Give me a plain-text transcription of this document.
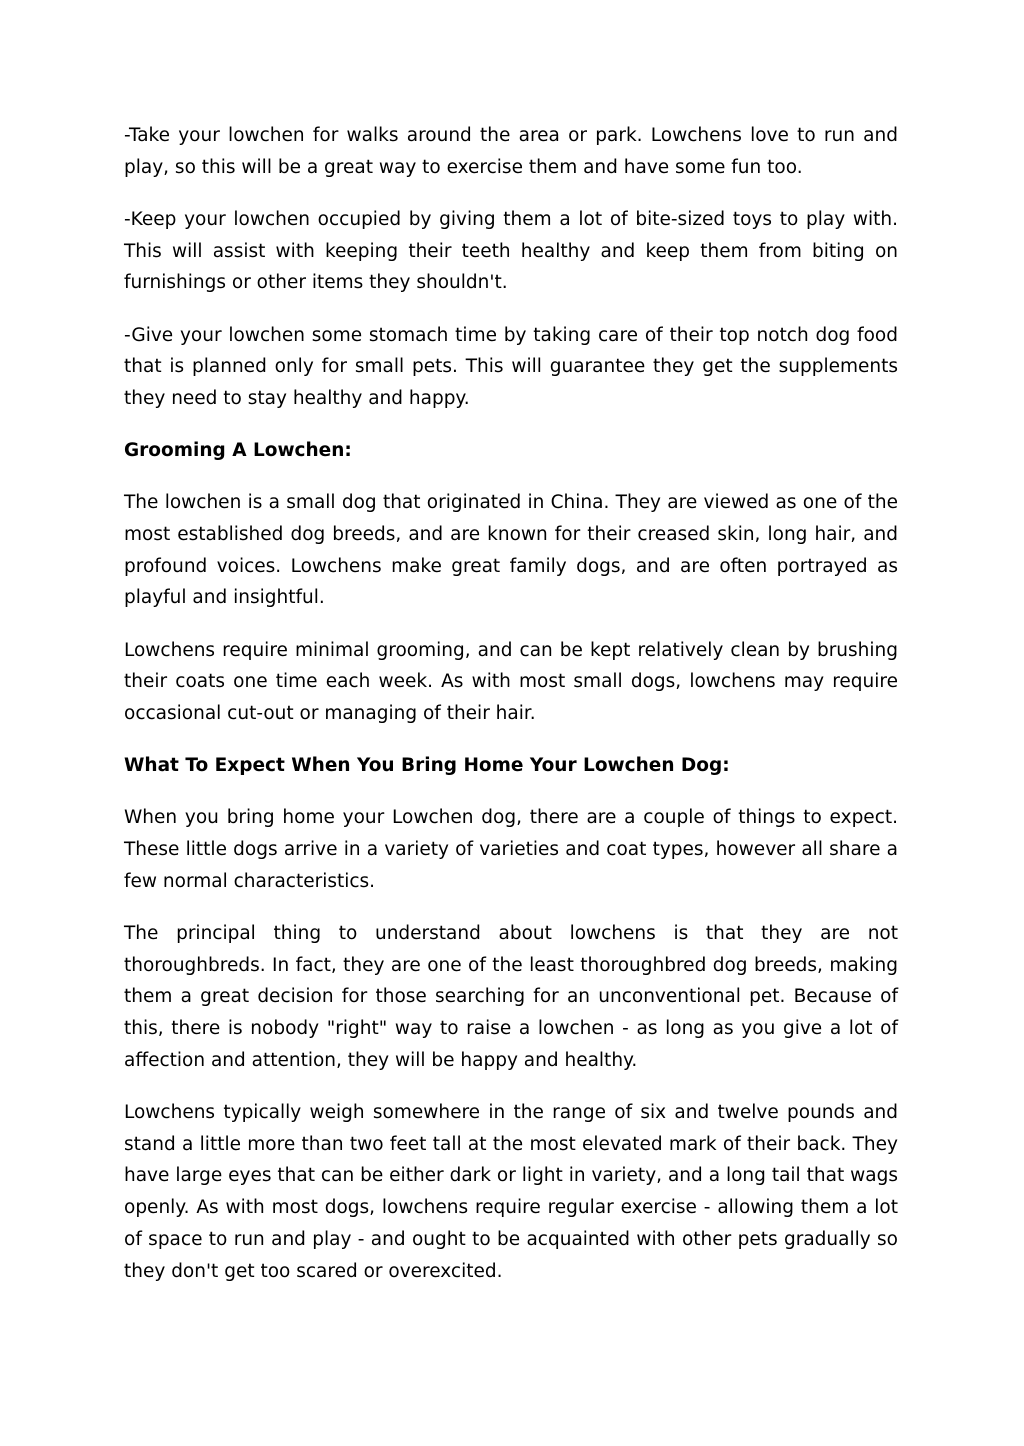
-Take your lowchen for walks around the area or park. Lowchens love to run and play, so this will be a great way to exercise them and have some fun too.

-Keep your lowchen occupied by giving them a lot of bite-sized toys to play with. This will assist with keeping their teeth healthy and keep them from biting on furnishings or other items they shouldn't.

-Give your lowchen some stomach time by taking care of their top notch dog food that is planned only for small pets. This will guarantee they get the supplements they need to stay healthy and happy.

Grooming A Lowchen:

The lowchen is a small dog that originated in China. They are viewed as one of the most established dog breeds, and are known for their creased skin, long hair, and profound voices. Lowchens make great family dogs, and are often portrayed as playful and insightful.

Lowchens require minimal grooming, and can be kept relatively clean by brushing their coats one time each week. As with most small dogs, lowchens may require occasional cut-out or managing of their hair.

What To Expect When You Bring Home Your Lowchen Dog:

When you bring home your Lowchen dog, there are a couple of things to expect. These little dogs arrive in a variety of varieties and coat types, however all share a few normal characteristics.

The principal thing to understand about lowchens is that they are not thoroughbreds. In fact, they are one of the least thoroughbred dog breeds, making them a great decision for those searching for an unconventional pet. Because of this, there is nobody "right" way to raise a lowchen - as long as you give a lot of affection and attention, they will be happy and healthy.

Lowchens typically weigh somewhere in the range of six and twelve pounds and stand a little more than two feet tall at the most elevated mark of their back. They have large eyes that can be either dark or light in variety, and a long tail that wags openly. As with most dogs, lowchens require regular exercise - allowing them a lot of space to run and play - and ought to be acquainted with other pets gradually so they don't get too scared or overexcited.
